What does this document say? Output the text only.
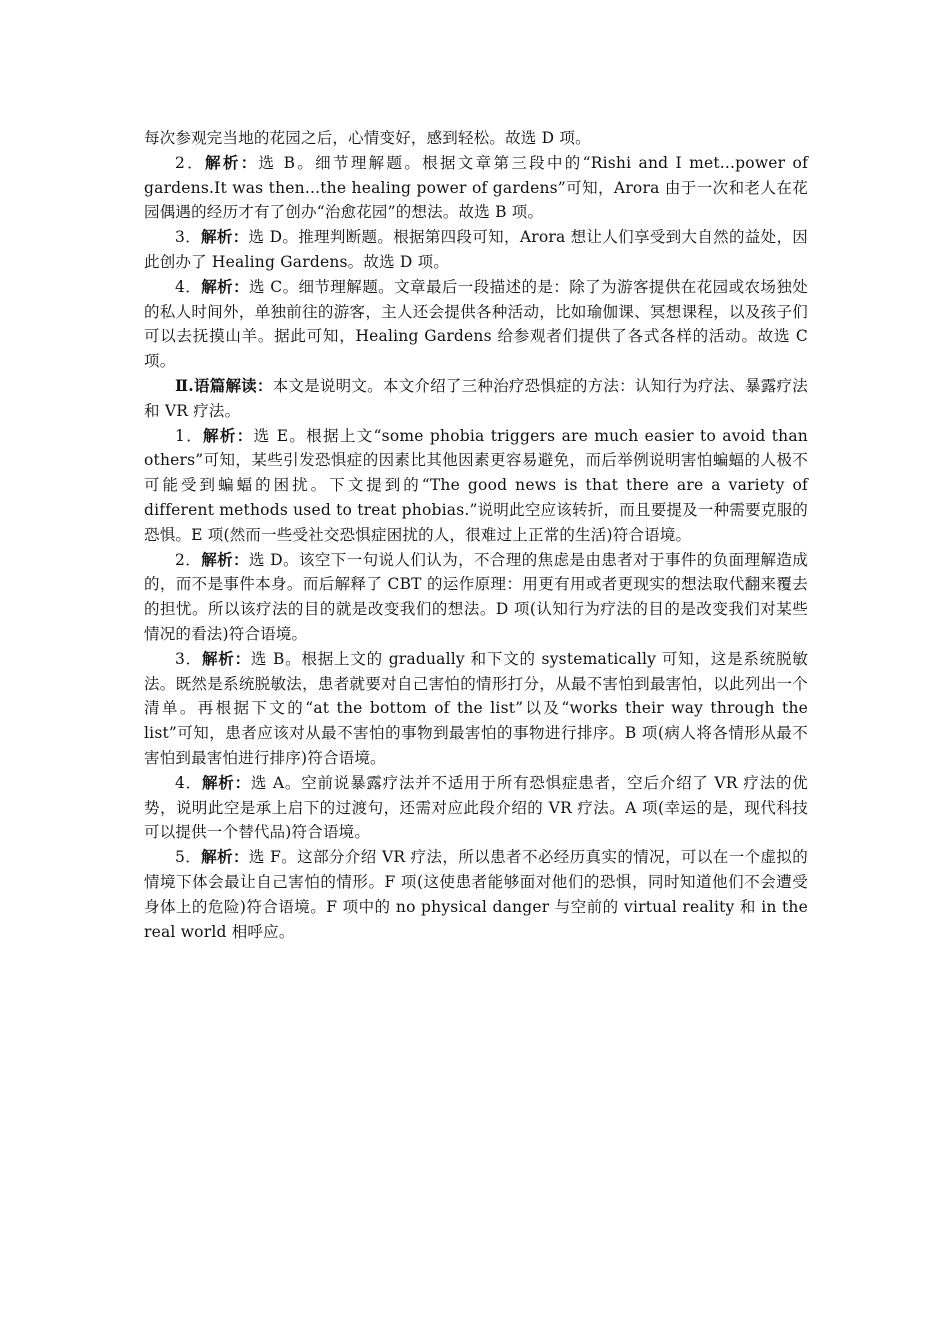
每次参观完当地的花园之后，心情变好，感到轻松。故选 D 项。

2．解析：选 B。细节理解题。根据文章第三段中的“Rishi and I met...power of gardens.It was then...the healing power of gardens”可知，Arora 由于一次和老人在花园偶遇的经历才有了创办“治愈花园”的想法。故选 B 项。

3．解析：选 D。推理判断题。根据第四段可知，Arora 想让人们享受到大自然的益处，因此创办了 Healing Gardens。故选 D 项。

4．解析：选 C。细节理解题。文章最后一段描述的是：除了为游客提供在花园或农场独处的私人时间外，单独前往的游客，主人还会提供各种活动，比如瑜伽课、冥想课程，以及孩子们可以去抚摸山羊。据此可知，Healing Gardens 给参观者们提供了各式各样的活动。故选 C 项。

Ⅱ.语篇解读：本文是说明文。本文介绍了三种治疗恐惧症的方法：认知行为疗法、暴露疗法和 VR 疗法。

1．解析：选 E。根据上文“some phobia triggers are much easier to avoid than others”可知，某些引发恐惧症的因素比其他因素更容易避免，而后举例说明害怕蝙蝠的人极不可能受到蝙蝠的困扰。下文提到的“The good news is that there are a variety of different methods used to treat phobias.”说明此空应该转折，而且要提及一种需要克服的恐惧。E 项(然而一些受社交恐惧症困扰的人，很难过上正常的生活)符合语境。

2．解析：选 D。该空下一句说人们认为，不合理的焦虑是由患者对于事件的负面理解造成的，而不是事件本身。而后解释了 CBT 的运作原理：用更有用或者更现实的想法取代翻来覆去的担忧。所以该疗法的目的就是改变我们的想法。D 项(认知行为疗法的目的是改变我们对某些情况的看法)符合语境。

3．解析：选 B。根据上文的 gradually 和下文的 systematically 可知，这是系统脱敏法。既然是系统脱敏法，患者就要对自己害怕的情形打分，从最不害怕到最害怕，以此列出一个清单。再根据下文的“at the bottom of the list”以及“works their way through the list”可知，患者应该对从最不害怕的事物到最害怕的事物进行排序。B 项(病人将各情形从最不害怕到最害怕进行排序)符合语境。

4．解析：选 A。空前说暴露疗法并不适用于所有恐惧症患者，空后介绍了 VR 疗法的优势，说明此空是承上启下的过渡句，还需对应此段介绍的 VR 疗法。A 项(幸运的是，现代科技可以提供一个替代品)符合语境。

5．解析：选 F。这部分介绍 VR 疗法，所以患者不必经历真实的情况，可以在一个虚拟的情境下体会最让自己害怕的情形。F 项(这使患者能够面对他们的恐惧，同时知道他们不会遭受身体上的危险)符合语境。F 项中的 no physical danger 与空前的 virtual reality 和 in the real world 相呼应。
